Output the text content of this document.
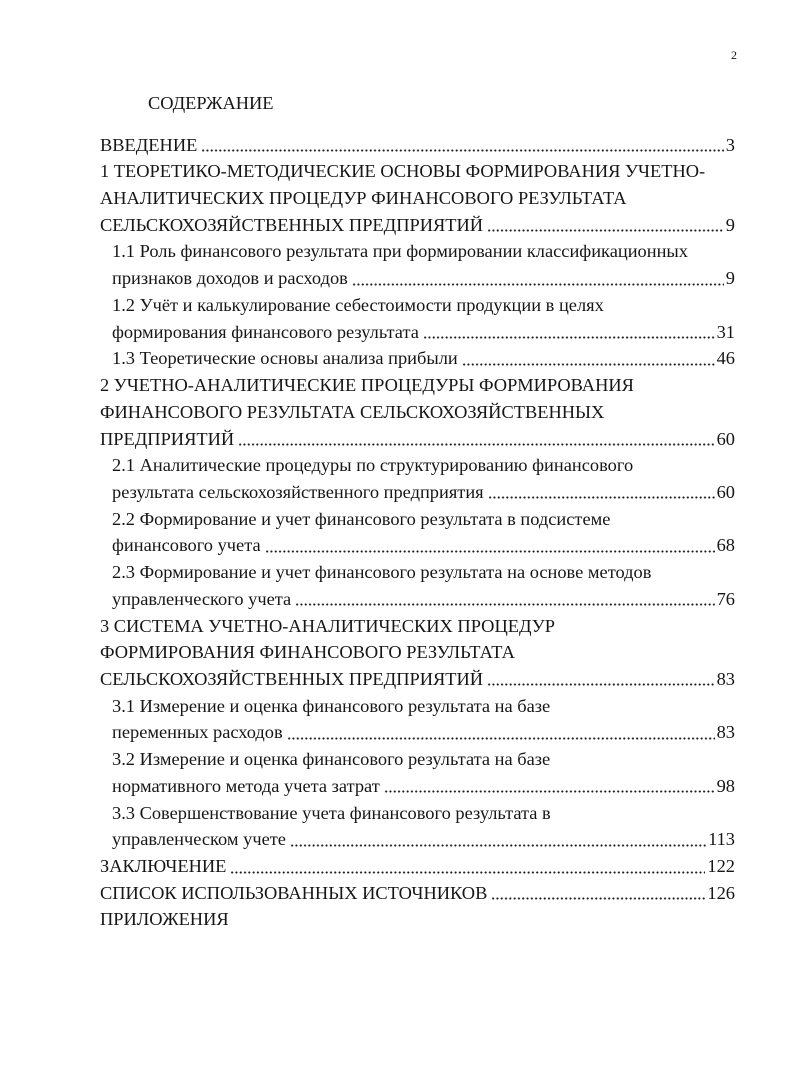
2
СОДЕРЖАНИЕ
ВВЕДЕНИЕ	3
1 ТЕОРЕТИКО-МЕТОДИЧЕСКИЕ ОСНОВЫ ФОРМИРОВАНИЯ УЧЕТНО-
АНАЛИТИЧЕСКИХ ПРОЦЕДУР ФИНАНСОВОГО РЕЗУЛЬТАТА
СЕЛЬСКОХОЗЯЙСТВЕННЫХ ПРЕДПРИЯТИЙ	9
1.1 Роль финансового результата при формировании классификационных
признаков доходов и расходов	9
1.2 Учёт и калькулирование себестоимости продукции в целях
формирования финансового результата	31
1.3 Теоретические основы анализа прибыли	46
2 УЧЕТНО-АНАЛИТИЧЕСКИЕ ПРОЦЕДУРЫ ФОРМИРОВАНИЯ
ФИНАНСОВОГО РЕЗУЛЬТАТА СЕЛЬСКОХОЗЯЙСТВЕННЫХ
ПРЕДПРИЯТИЙ	60
2.1 Аналитические процедуры по структурированию финансового
результата сельскохозяйственного предприятия	60
2.2 Формирование и учет финансового результата в подсистеме
финансового учета	68
2.3 Формирование и учет финансового результата на основе методов
управленческого учета	76
3 СИСТЕМА УЧЕТНО-АНАЛИТИЧЕСКИХ ПРОЦЕДУР
ФОРМИРОВАНИЯ ФИНАНСОВОГО РЕЗУЛЬТАТА
СЕЛЬСКОХОЗЯЙСТВЕННЫХ ПРЕДПРИЯТИЙ	83
3.1 Измерение и оценка финансового результата на базе
переменных расходов	83
3.2 Измерение и оценка финансового результата на базе
нормативного метода учета затрат	98
3.3 Совершенствование учета финансового результата в
управленческом учете	113
ЗАКЛЮЧЕНИЕ	122
СПИСОК ИСПОЛЬЗОВАННЫХ ИСТОЧНИКОВ	126
ПРИЛОЖЕНИЯ
